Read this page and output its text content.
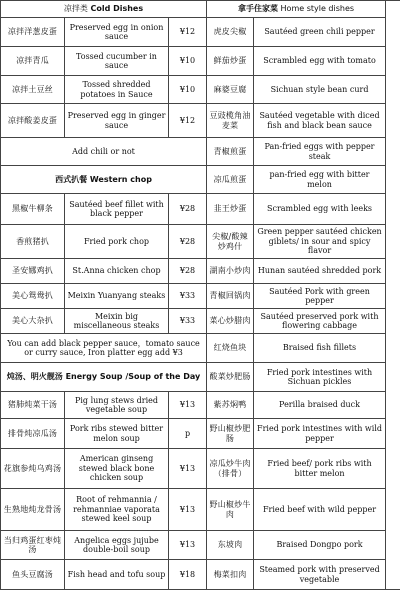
凉拌类 Cold Dishes			拿手住家菜 Home style dishes		
凉拌洋葱皮蛋	Preserved egg in onion sauce	¥12	虎皮尖椒	Sautéed green chili pepper	
凉拌青瓜	Tossed cucumber in sauce	¥10	鲜茄炒蛋	Scrambled egg with tomato	
凉拌土豆丝	Tossed shredded potatoes in Sauce	¥10	麻婆豆腐	Sichuan style bean curd	
凉拌酸姜皮蛋	Preserved egg in ginger sauce	¥12	豆豉榄角油麦菜	Sautéed vegetable with diced fish and black bean sauce	
Add chili or not			青椒煎蛋	Pan-fried eggs with pepper steak	
西式扒餐 Western chop			凉瓜煎蛋	pan-fried egg with bitter melon	
黑椒牛柳条	Sautéed beef fillet with black pepper	¥28	韭王炒蛋	Scrambled egg with leeks	
香煎猪扒	Fried pork chop	¥28	尖椒/酸辣炒鸡什	Green pepper sautéed chicken giblets/ in sour and spicy flavor	
圣安娜鸡扒	St.Anna chicken chop	¥28	湖南小炒肉	Hunan sautéed shredded pork	
美心鸳鸯扒	Meixin Yuanyang steaks	¥33	青椒回锅肉	Sautéed Pork with green pepper	
美心大杂扒	Meixin big miscellaneous steaks	¥33	菜心炒腊肉	Sautéed preserved pork with flowering cabbage	
You can add black pepper sauce，tomato sauce or curry sauce, Iron platter egg add ¥3			红烧鱼块	Braised fish fillets	
炖汤、明火靓汤 Energy Soup /Soup of the Day			酸菜炒肥肠	Fried pork intestines with Sichuan pickles	
猪肺炖菜干汤	Pig lung stews dried vegetable soup	¥13	紫苏焖鸭	Perilla braised duck	
排骨炖凉瓜汤	Pork ribs stewed bitter melon soup	p	野山椒炒肥肠	Fried pork intestines with wild pepper	
花旗参炖乌鸡汤	American ginseng stewed black bone chicken soup	¥13	凉瓜炒牛肉（排骨）	Fried beef/ pork ribs with bitter melon	
生熟地炖龙骨汤	Root of rehmannia / rehmanniae vaporata stewed keel soup	¥13	野山椒炒牛肉	Fried beef with wild pepper	
当归鸡蛋红枣炖汤	Angelica eggs jujube double-boil soup	¥13	东坡肉	Braised Dongpo pork	
鱼头豆腐汤	Fish head and tofu soup	¥18	梅菜扣肉	Steamed pork with preserved vegetable	
